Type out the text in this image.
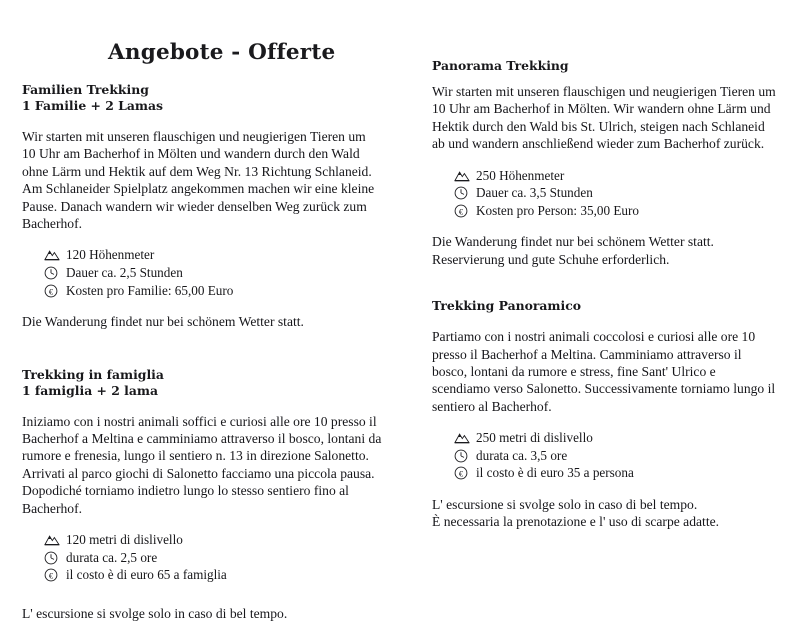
Angebote - Offerte
Familien Trekking
1 Familie + 2 Lamas
Wir starten mit unseren flauschigen und neugierigen Tieren um 10 Uhr am Bacherhof in Mölten und wandern durch den Wald ohne Lärm und Hektik auf dem Weg Nr. 13 Richtung Schlaneid. Am Schlaneider Spielplatz angekommen machen wir eine kleine Pause. Danach wandern wir wieder denselben Weg zurück zum Bacherhof.
120 Höhenmeter
Dauer ca. 2,5 Stunden
€ Kosten pro Familie: 65,00 Euro
Die Wanderung findet nur bei schönem Wetter statt.
Trekking in famiglia
1 famiglia + 2 lama
Iniziamo con i nostri animali soffici e curiosi alle ore 10 presso il Bacherhof a Meltina e camminiamo attraverso il bosco, lontani da rumore e frenesia, lungo il sentiero n. 13 in direzione Salonetto. Arrivati al parco giochi di Salonetto facciamo una piccola pausa. Dopodiché torniamo indietro lungo lo stesso sentiero fino al Bacherhof.
120 metri di dislivello
durata ca. 2,5 ore
€ il costo è di euro 65 a famiglia
L' escursione si svolge solo in caso di bel tempo.
Panorama Trekking
Wir starten mit unseren flauschigen und neugierigen Tieren um 10 Uhr am Bacherhof in Mölten. Wir wandern ohne Lärm und Hektik durch den Wald bis St. Ulrich, steigen nach Schlaneid ab und wandern anschließend wieder zum Bacherhof zurück.
250 Höhenmeter
Dauer ca. 3,5 Stunden
€ Kosten pro Person: 35,00 Euro
Die Wanderung findet nur bei schönem Wetter statt.
Reservierung und gute Schuhe erforderlich.
Trekking Panoramico
Partiamo con i nostri animali coccolosi e curiosi alle ore 10 presso il Bacherhof a Meltina. Camminiamo attraverso il bosco, lontani da rumore e stress, fine Sant' Ulrico e scendiamo verso Salonetto. Successivamente torniamo lungo il sentiero al Bacherhof.
250 metri di dislivello
durata ca. 3,5 ore
€ il costo è di euro 35 a persona
L' escursione si svolge solo in caso di bel tempo.
È necessaria la prenotazione e l' uso di scarpe adatte.
